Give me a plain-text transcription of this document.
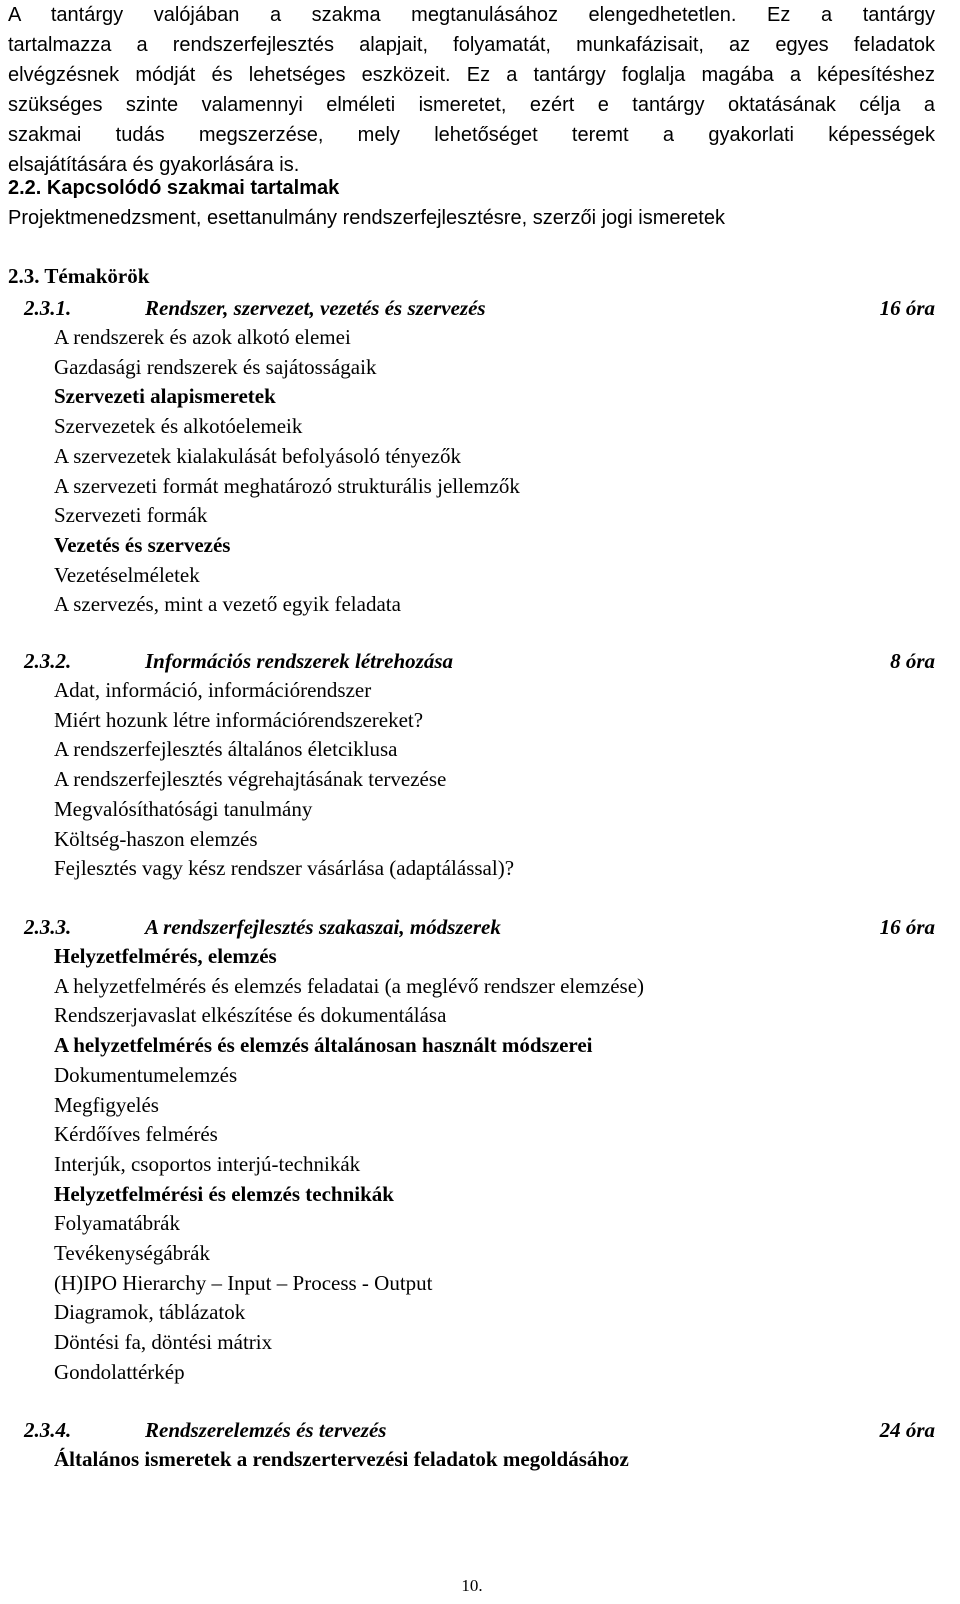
A tantárgy valójában a szakma megtanulásához elengedhetetlen. Ez a tantárgy
tartalmazza a rendszerfejlesztés alapjait, folyamatát, munkafázisait, az egyes feladatok
elvégzésnek módját és lehetséges eszközeit. Ez a tantárgy foglalja magába a képesítéshez
szükséges szinte valamennyi elméleti ismeretet, ezért e tantárgy oktatásának célja a
szakmai tudás megszerzése, mely lehetőséget teremt a gyakorlati képességek
elsajátítására és gyakorlására is.
2.2. Kapcsolódó szakmai tartalmak
Projektmenedzsment, esettanulmány rendszerfejlesztésre, szerzői jogi ismeretek
2.3. Témakörök
2.3.1.	Rendszer, szervezet, vezetés és szervezés	16 óra
A rendszerek és azok alkotó elemei
Gazdasági rendszerek és sajátosságaik
Szervezeti alapismeretek
Szervezetek és alkotóelemeik
A szervezetek kialakulását befolyásoló tényezők
A szervezeti formát meghatározó strukturális jellemzők
Szervezeti formák
Vezetés és szervezés
Vezetéselméletek
A szervezés, mint a vezető egyik feladata
2.3.2.	Információs rendszerek létrehozása	8 óra
Adat, információ, információrendszer
Miért hozunk létre információrendszereket?
A rendszerfejlesztés általános életciklusa
A rendszerfejlesztés végrehajtásának tervezése
Megvalósíthatósági tanulmány
Költség-haszon elemzés
Fejlesztés vagy kész rendszer vásárlása (adaptálással)?
2.3.3.	A rendszerfejlesztés szakaszai, módszerek	16 óra
Helyzetfelmérés, elemzés
A helyzetfelmérés és elemzés feladatai (a meglévő rendszer elemzése)
Rendszerjavaslat elkészítése és dokumentálása
A helyzetfelmérés és elemzés általánosan használt módszerei
Dokumentumelemzés
Megfigyelés
Kérdőíves felmérés
Interjúk, csoportos interjú-technikák
Helyzetfelmérési és elemzés technikák
Folyamatábrák
Tevékenységábrák
(H)IPO Hierarchy – Input – Process - Output
Diagramok, táblázatok
Döntési fa, döntési mátrix
Gondolattérkép
2.3.4.	Rendszerelemzés és tervezés	24 óra
Általános ismeretek a rendszertervezési feladatok megoldásához
10.
